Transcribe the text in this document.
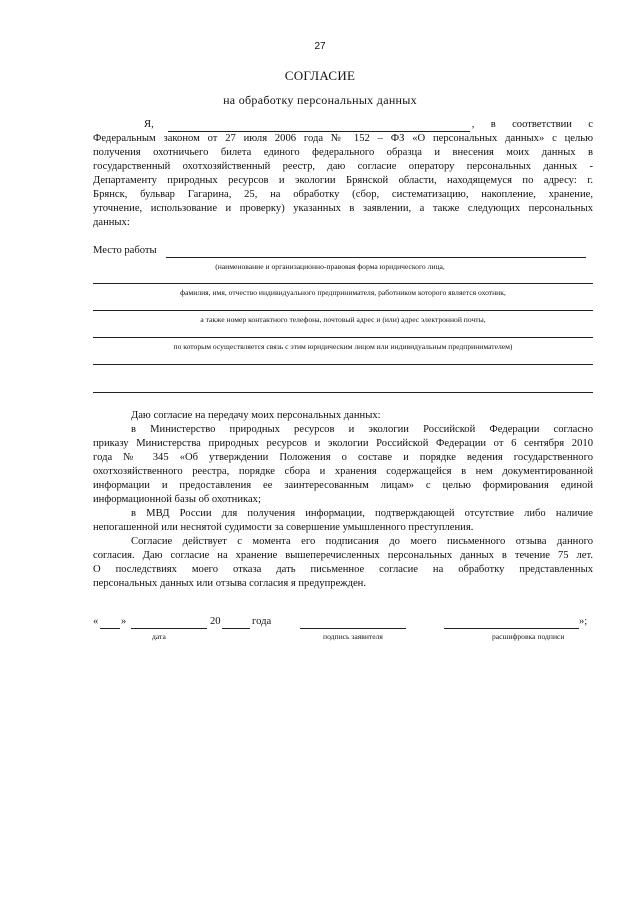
27
СОГЛАСИЕ
на обработку персональных данных
Я,	, в соответствии с
Федеральным законом от 27 июля 2006 года № 152 – ФЗ «О персональных данных» с целью
получения охотничьего билета единого федерального образца и внесения моих данных в
государственный охотхозяйственный реестр, даю согласие оператору персональных данных -
Департаменту природных ресурсов и экологии Брянской области, находящемуся по адресу: г.
Брянск, бульвар Гагарина, 25, на обработку (сбор, систематизацию, накопление, хранение,
уточнение, использование и проверку) указанных в заявлении, а также следующих персональных
данных:
Место работы
(наименование и организационно-правовая форма юридического лица,
фамилия, имя, отчество индивидуального предпринимателя, работником которого является охотник,
а также номер контактного телефона, почтовый адрес и (или) адрес электронной почты,
по которым осуществляется связь с этим юридическим лицом или индивидуальным предпринимателем)
Даю согласие на передачу моих персональных данных:
в Министерство природных ресурсов и экологии Российской Федерации согласно
приказу Министерства природных ресурсов и экологии Российской Федерации от 6 сентября 2010
года № 345 «Об утверждении Положения о составе и порядке ведения государственного
охотхозяйственного реестра, порядке сбора и хранения содержащейся в нем документированной
информации и предоставления ее заинтересованным лицам» с целью формирования единой
информационной базы об охотниках;
в МВД России для получения информации, подтверждающей отсутствие либо наличие
непогашенной или неснятой судимости за совершение умышленного преступления.
Согласие действует с момента его подписания до моего письменного отзыва данного
согласия. Даю согласие на хранение вышеперечисленных персональных данных в течение 75 лет.
О последствиях моего отказа дать письменное согласие на обработку представленных
персональных данных или отзыва согласия я предупрежден.
« »	20	года	»;
дата	подпись заявителя	расшифровка подписи
